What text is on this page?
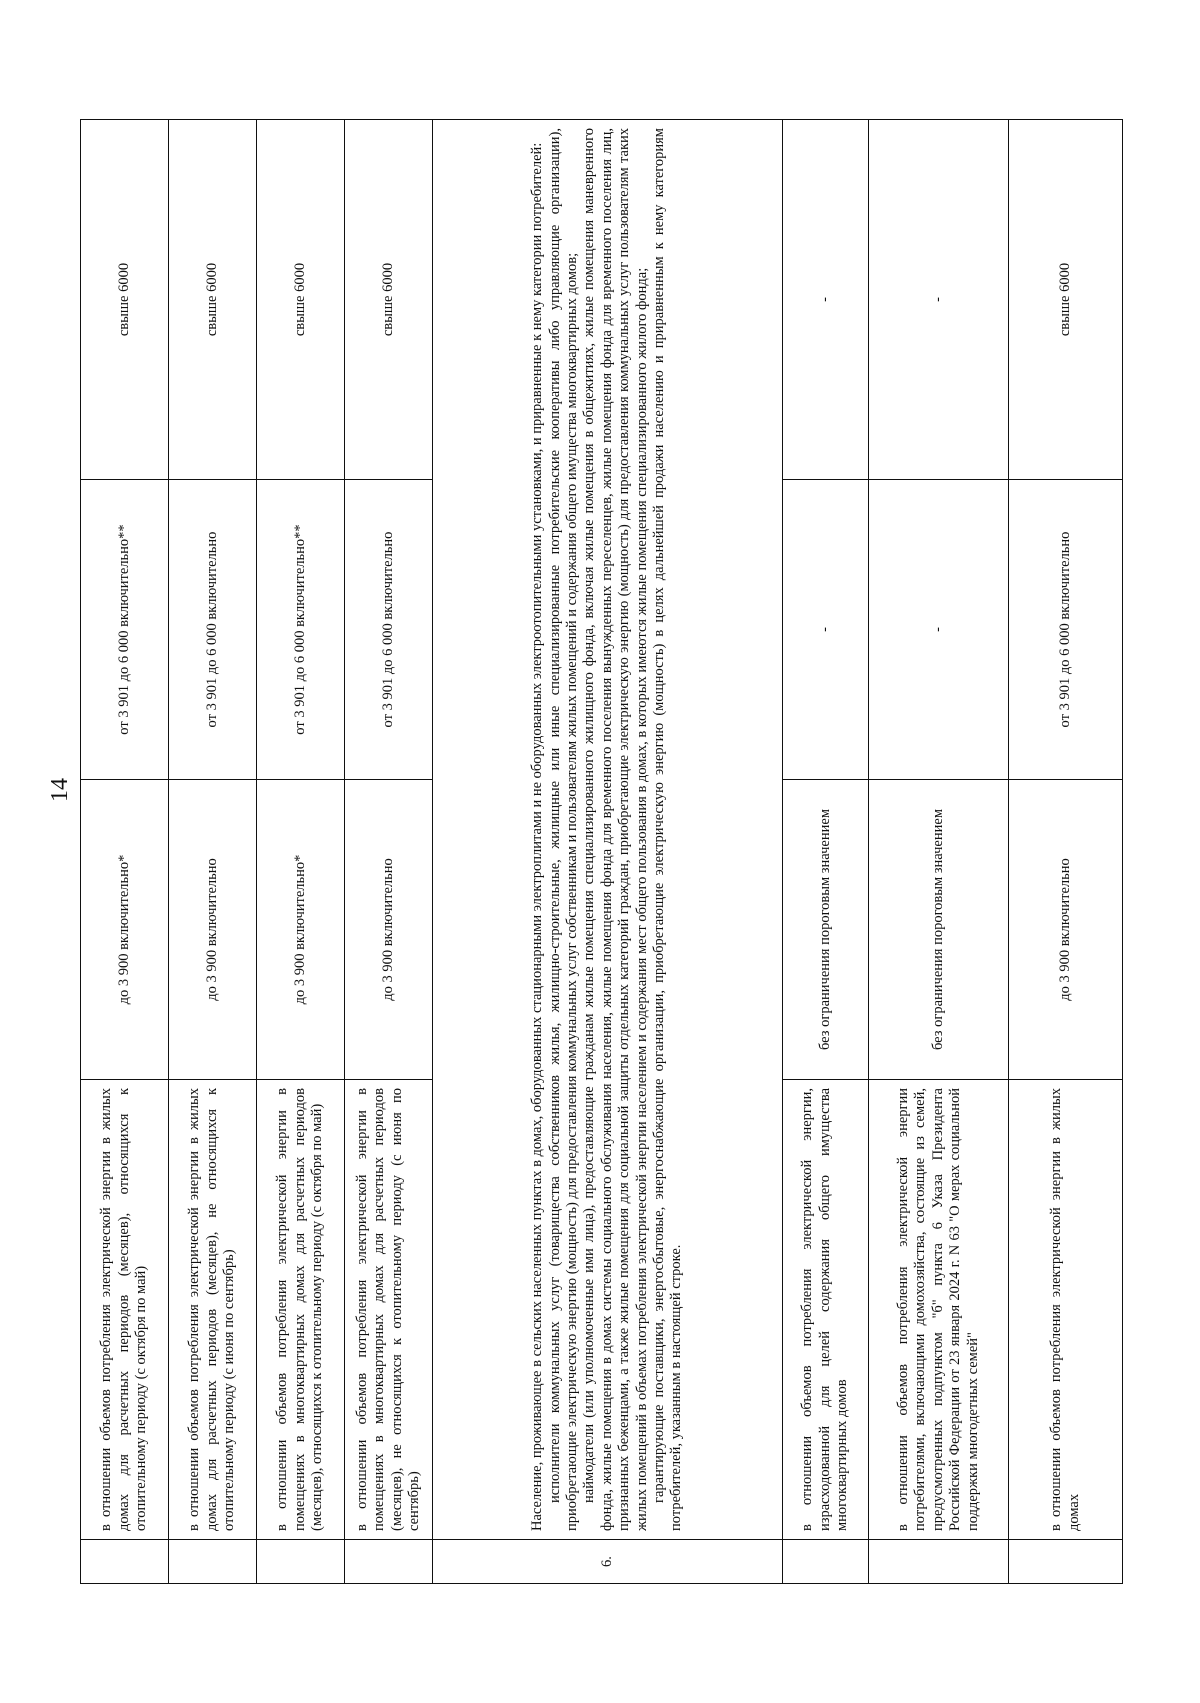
14
	в отношении объемов потребления электрической энергии в жилых домах для расчетных периодов (месяцев), относящихся к отопительному периоду (с октября по май)	до 3 900 включительно*	от 3 901 до 6 000 включительно**	свыше 6000
	в отношении объемов потребления электрической энергии в жилых домах для расчетных периодов (месяцев), не относящихся к отопительному периоду (с июня по сентябрь)	до 3 900 включительно	от 3 901 до 6 000 включительно	свыше 6000
	в отношении объемов потребления электрической энергии в помещениях в многоквартирных домах для расчетных периодов (месяцев), относящихся к отопительному периоду (с октября по май)	до 3 900 включительно*	от 3 901 до 6 000 включительно**	свыше 6000
	в отношении объемов потребления электрической энергии в помещениях в многоквартирных домах для расчетных периодов (месяцев), не относящихся к отопительному периоду (с июня по сентябрь)	до 3 900 включительно	от 3 901 до 6 000 включительно	свыше 6000
6.	Население, проживающее в сельских населенных пунктах в домах, оборудованных стационарными электроплитами и не оборудованных электроотопительными установками, и приравненные к нему категории потребителей: исполнители коммунальных услуг (товарищества собственников жилья, жилищно-строительные, жилищные или иные специализированные потребительские кооперативы либо управляющие организации), приобретающие электрическую энергию (мощность) для предоставления коммунальных услуг собственникам и пользователям жилых помещений и содержания общего имущества многоквартирных домов; наймодатели (или уполномоченные ими лица), предоставляющие гражданам жилые помещения специализированного жилищного фонда, включая жилые помещения в общежитиях, жилые помещения маневренного фонда, жилые помещения в домах системы социального обслуживания населения, жилые помещения фонда для временного поселения вынужденных переселенцев, жилые помещения фонда для временного поселения лиц, признанных беженцами, а также жилые помещения для социальной защиты отдельных категорий граждан, приобретающие электрическую энергию (мощность) для предоставления коммунальных услуг пользователям таких жилых помещений в объемах потребления электрической энергии населением и содержания мест общего пользования в домах, в которых имеются жилые помещения специализированного жилого фонда; гарантирующие поставщики, энергосбытовые, энергоснабжающие организации, приобретающие электрическую энергию (мощность) в целях дальнейшей продажи населению и приравненным к нему категориям потребителей, указанным в настоящей строке.			

	в отношении объемов потребления электрической энергии, израсходованной для целей содержания общего имущества многоквартирных домов	без ограничения пороговым значением	-	-
	в отношении объемов потребления электрической энергии потребителями, включающими домохозяйства, состоящие из семей, предусмотренных подпунктом "б" пункта 6 Указа Президента Российской Федерации от 23 января 2024 г. N 63 "О мерах социальной поддержки многодетных семей"	без ограничения пороговым значением	-	-
	в отношении объемов потребления электрической энергии в жилых домах	до 3 900 включительно	от 3 901 до 6 000 включительно	свыше 6000
